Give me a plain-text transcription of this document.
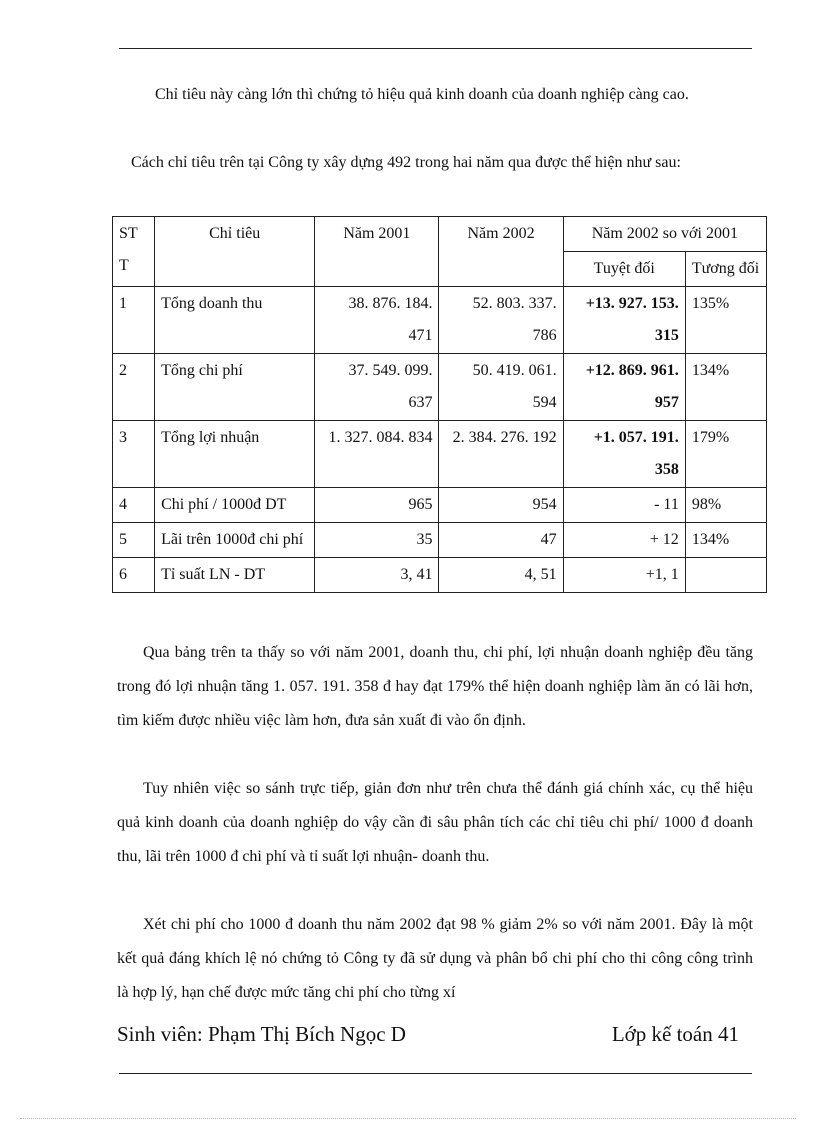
Chỉ tiêu này càng lớn thì chứng tỏ hiệu quả kinh doanh của doanh nghiệp càng cao.

Cách chỉ tiêu trên tại Công ty xây dựng 492 trong hai năm qua được thể hiện như sau:

ST T	Chỉ tiêu	Năm 2001	Năm 2002	Năm 2002 so với 2001	
				Tuyệt đối	Tương đối
1	Tổng doanh thu	38. 876. 184. 471	52. 803. 337. 786	+13. 927. 153. 315	135%
2	Tổng chi phí	37. 549. 099. 637	50. 419. 061. 594	+12. 869. 961. 957	134%
3	Tổng lợi nhuận	1. 327. 084. 834	2. 384. 276. 192	+1. 057. 191. 358	179%
4	Chi phí / 1000đ DT	965	954	- 11	98%
5	Lãi trên 1000đ chi phí	35	47	+ 12	134%
6	Tỉ suất LN - DT	3, 41	4, 51	+1, 1	

Qua bảng trên ta thấy so với năm 2001, doanh thu, chi phí, lợi nhuận doanh nghiệp đều tăng trong đó lợi nhuận tăng 1. 057. 191. 358 đ hay đạt 179% thể hiện doanh nghiệp làm ăn có lãi hơn, tìm kiếm được nhiều việc làm hơn, đưa sản xuất đi vào ổn định.

Tuy nhiên việc so sánh trực tiếp, giản đơn như trên chưa thể đánh giá chính xác, cụ thể hiệu quả kinh doanh của doanh nghiệp do vậy cần đi sâu phân tích các chỉ tiêu chi phí/ 1000 đ doanh thu, lãi trên 1000 đ chi phí và tỉ suất lợi nhuận- doanh thu.

Xét chi phí cho 1000 đ doanh thu năm 2002 đạt 98 % giảm 2% so với năm 2001. Đây là một kết quả đáng khích lệ nó chứng tỏ Công ty đã sử dụng và phân bổ chi phí cho thi công công trình là hợp lý, hạn chế được mức tăng chi phí cho từng xí

Sinh viên: Phạm Thị Bích Ngọc D	Lớp kế toán 41
